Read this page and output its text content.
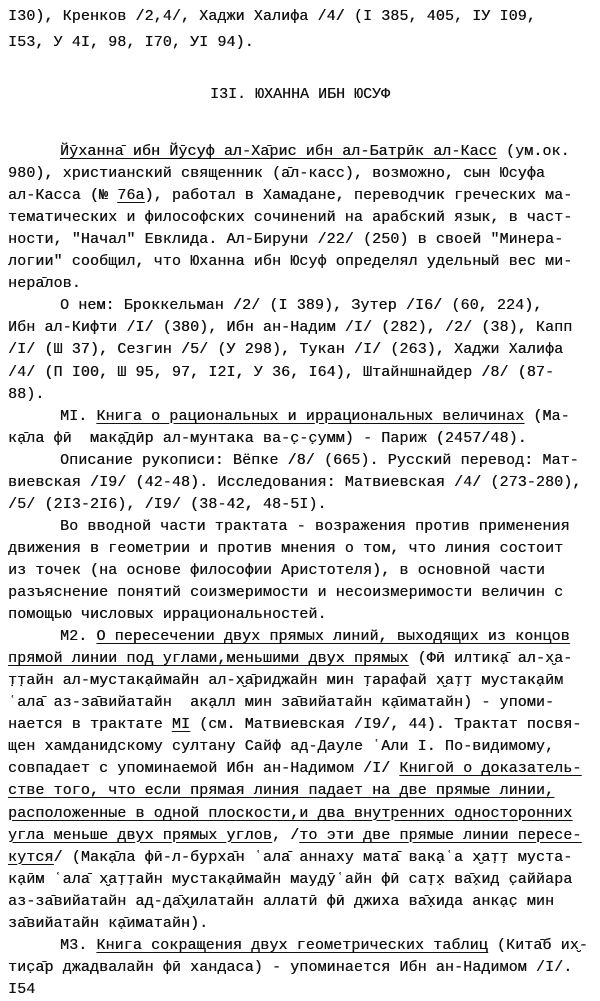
I30), Кренков /2,4/, Хаджи Халифа /4/ (I 385, 405, IУ I09,
I53, У 4I, 98, I70, УI 94).
I3I. ЮХАННА ИБН ЮСУФ
Йӯханна̄ ибн Йӯсуф ал-Ха̄рис ибн ал-Батрӣк ал-Касс (ум.ок.
980), христианский священник (а̄л-касс), возможно, сын Юсуфа
ал-Касса (№ 76а), работал в Хамадане, переводчик греческих ма-
тематических и философских сочинений на арабский язык, в част-
ности, "Начал" Евклида. Ал-Бируни /22/ (250) в своей "Минера-
логии" сообщил, что Юханна ибн Юсуф определял удельный вес ми-
нера̄лов.
О нем: Броккельман /2/ (I 389), Зутер /I6/ (60, 224),
Ибн ал-Кифти /I/ (380), Ибн ан-Надим /I/ (282), /2/ (38), Капп
/I/ (Ш 37), Сезгин /5/ (У 298), Тукан /I/ (263), Хаджи Халифа
/4/ (П I00, Ш 95, 97, I2I, У 36, I64), Штайншнайдер /8/ (87-
88).
MI. Книга о рациональных и иррациональных величинах (Ма-
ка̣̄ла фӣ  мака̣̄дӣр ал-мунтака ва-с̣-с̣умм) - Париж (2457/48).
Описание рукописи: Вёпке /8/ (665). Русский перевод: Мат-
виевская /I9/ (42-48). Исследования: Матвиевская /4/ (273-280),
/5/ (2I3-2I6), /I9/ (38-42, 48-5I).
Во вводной части трактата - возражения против применения
движения в геометрии и против мнения о том, что линия состоит
из точек (на основе философии Аристотеля), в основной части
разъяснение понятий соизмеримости и несоизмеримости величин с
помощью числовых иррациональностей.
M2. О пересечении двух прямых линий, выходящих из концов
прямой линии под углами,меньшими двух прямых (Фӣ илтика̣̄ ал-х̮а-
т̣т̣айн ал-мустака̣ӣмайн ал-х̮а̄риджайн мин т̣арафай х̮ат̣т̣ мустака̣ӣм
ʿала̄ аз-за̄вийатайн  ака̣лл мин за̄вийатайн ка̣̄иматайн) - упоми-
нается в трактате MI (см. Матвиевская /I9/, 44). Трактат посвя-
щен хамданидскому султану Сайф ад-Дауле ʿАли I. По-видимому,
совпадает с упоминаемой Ибн ан-Надимом /I/ Книгой о доказатель-
стве того, что если прямая линия падает на две прямые линии,
расположенные в одной плоскости,и два внутренних односторонних
угла меньше двух прямых углов, /то эти две прямые линии пересе-
кутся/ (Мака̣̄ла фӣ-л-бурха̄н ʿала̄ аннаху мата̄ вака̣ʿа х̮ат̣т̣ муста-
ка̣ӣм ʿала̄ х̮ат̣т̣айн мустака̣ӣмайн мауд̣ӯʿайн фӣ сат̣х̣ ва̄х̣ид с̣аййара
аз-за̄вийатайн ад-да̄х̮илатайн аллатӣ фӣ джиха ва̄х̣ида анка̣с̣ мин
за̄вийатайн ка̣̄иматайн).
M3. Книга сокращения двух геометрических таблиц (Кита̄б их̮-
тис̣а̄р джадвалайн фӣ хандаса) - упоминается Ибн ан-Надимом /I/.
I54
